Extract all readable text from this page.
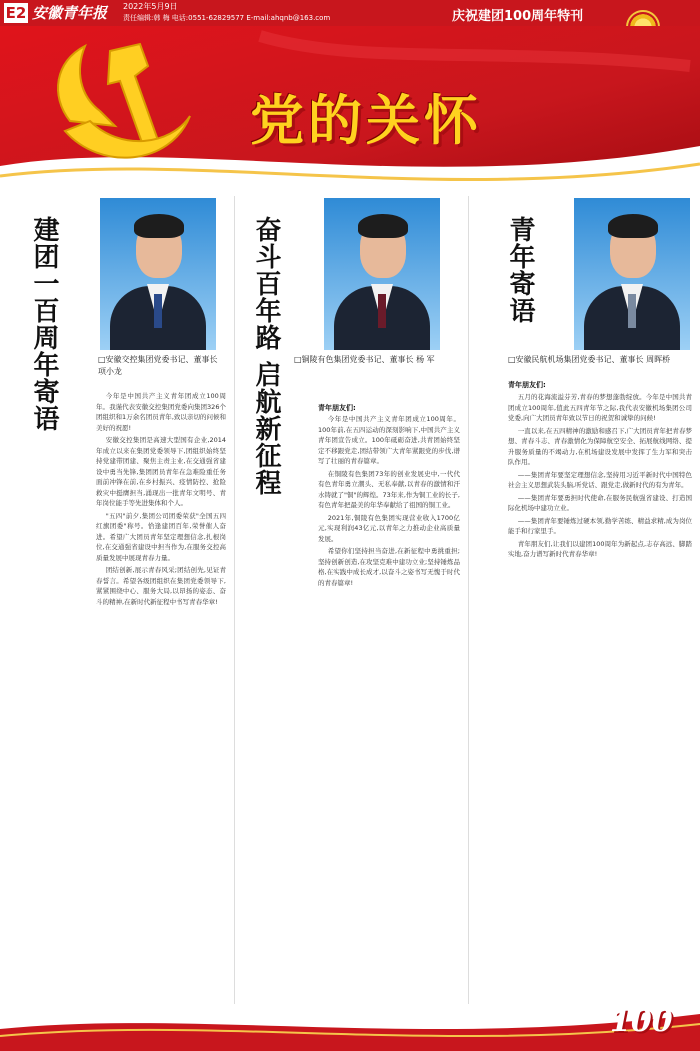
E2 安徽青年报 2022年5月9日
责任编辑:韩 梅 电话:0551-62829577 E-mail:ahqnb@163.com	庆祝建团100周年特刊
党的关怀
建团一百周年寄语	□安徽交控集团党委书记、董事长 项小龙

今年是中国共产主义青年团成立100周年。我谨代表安徽交控集团党委向集团326个团组织和1万余名团员青年,致以亲切的问候和美好的祝愿!

安徽交控集团是高速大型国有企业,2014年成立以来在集团党委领导下,团组织始终坚持党建带团建、聚焦主责主业,在交通强省建设中勇当先锋,集团团员青年在急难险重任务面前冲锋在前,在乡村振兴、疫情防控、抢险救灾中挺膺担当,涌现出一批青年文明号、青年岗位能手等先进集体和个人。

"五四"前夕,集团公司团委荣获"全国五四红旗团委"称号。恰逢建团百年,荣誉催人奋进。希望广大团员青年坚定理想信念,扎根岗位,在交通强省建设中担当作为,在服务交控高质量发展中展现青春力量。

团结创新,展示青春风采;团结创先,见证青春誓言。希望各级团组织在集团党委领导下,紧紧围绕中心、服务大局,以昂扬的姿态、奋斗的精神,在新时代新征程中书写青春华章!

奋斗百年路 启航新征程 □铜陵有色集团党委书记、董事长 杨 军
青年朋友们:

今年是中国共产主义青年团成立100周年。100年前,在五四运动的深刻影响下,中国共产主义青年团宣告成立。100年砥砺奋进,共青团始终坚定不移跟党走,团结带领广大青年紧跟党的步伐,谱写了壮丽的青春篇章。

在铜陵有色集团73年的创业发展史中,一代代有色青年勇立潮头、无私奉献,以青春的激情和汗水铸就了"铜"的辉煌。73年来,作为铜工业的长子,有色青年把最美的年华奉献给了祖国的铜工业。

2021年,铜陵有色集团实现营业收入1700亿元,实现利润43亿元,以青年之力推动企业高质量发展。

希望你们坚持担当奋进,在新征程中勇挑重担;坚持创新创造,在攻坚克难中建功立业;坚持锤炼品格,在实践中成长成才,以奋斗之姿书写无愧于时代的青春篇章!

青年寄语
□安徽民航机场集团党委书记、董事长 周晖桥
青年朋友们:

五月的花海流溢芬芳,青春的梦想蓬勃绽放。今年是中国共青团成立100周年,值此五四青年节之际,我代表安徽机场集团公司党委,向广大团员青年致以节日的祝贺和诚挚的问候!

一直以来,在五四精神的激励和感召下,广大团员青年把青春梦想、青春斗志、青春激情化为保障航空安全、拓展航线网络、提升服务质量的不竭动力,在机场建设发展中发挥了生力军和突击队作用。

——集团青年要坚定理想信念,坚持用习近平新时代中国特色社会主义思想武装头脑,听党话、跟党走,做新时代的有为青年。

——集团青年要勇担时代使命,在服务民航强省建设、打造国际化机场中建功立业。

——集团青年要锤炼过硬本领,勤学苦练、精益求精,成为岗位能手和行家里手。

青年朋友们,让我们以建团100周年为新起点,志存高远、脚踏实地,奋力谱写新时代青春华章!

100
